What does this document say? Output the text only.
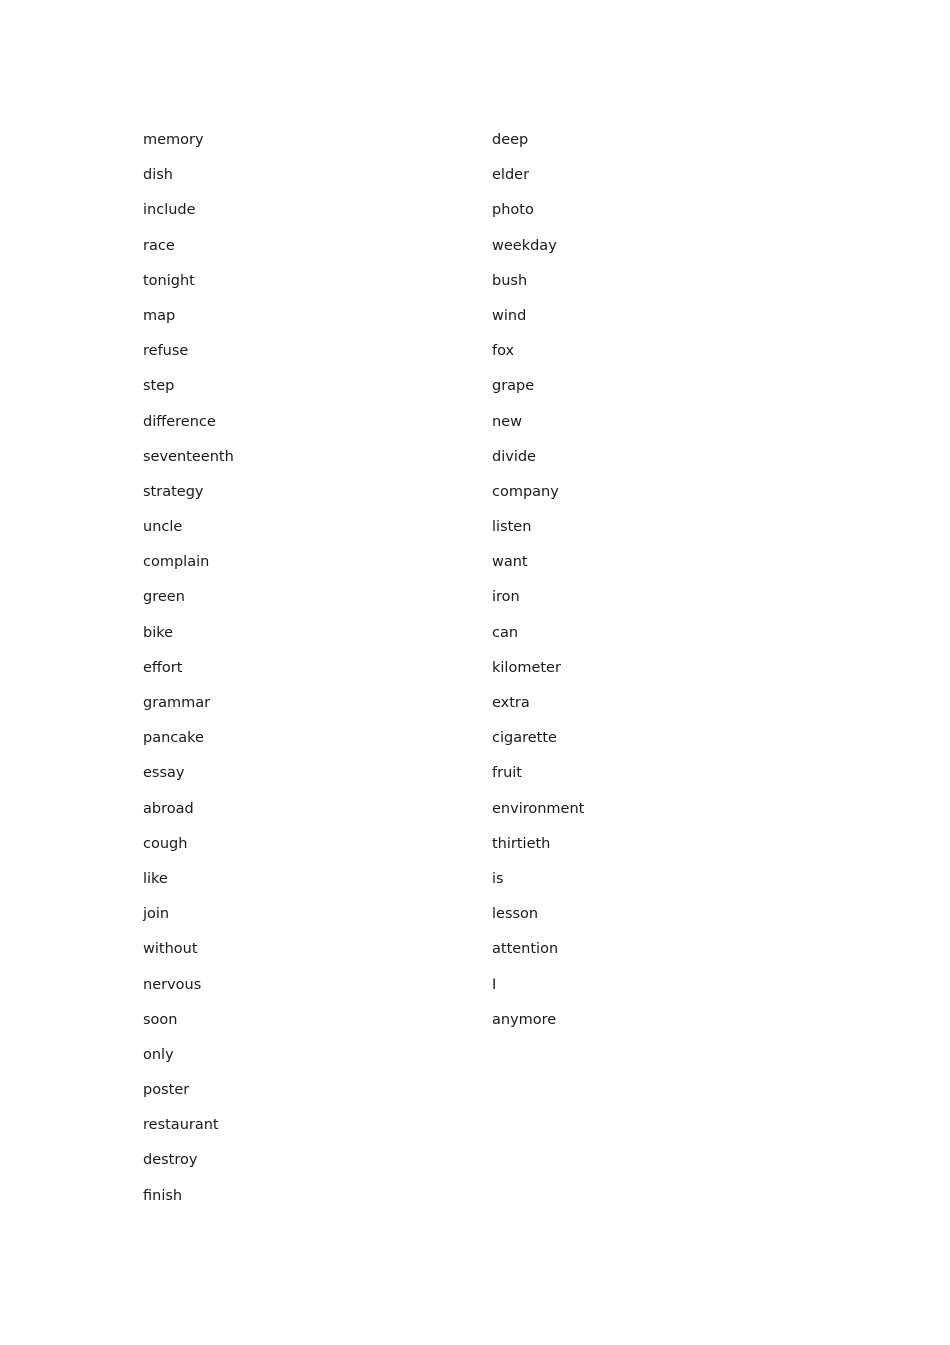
memory
dish
include
race
tonight
map
refuse
step
difference
seventeenth
strategy
uncle
complain
green
bike
effort
grammar
pancake
essay
abroad
cough
like
join
without
nervous
soon
only
poster
restaurant
destroy
finish
deep
elder
photo
weekday
bush
wind
fox
grape
new
divide
company
listen
want
iron
can
kilometer
extra
cigarette
fruit
environment
thirtieth
is
lesson
attention
I
anymore
